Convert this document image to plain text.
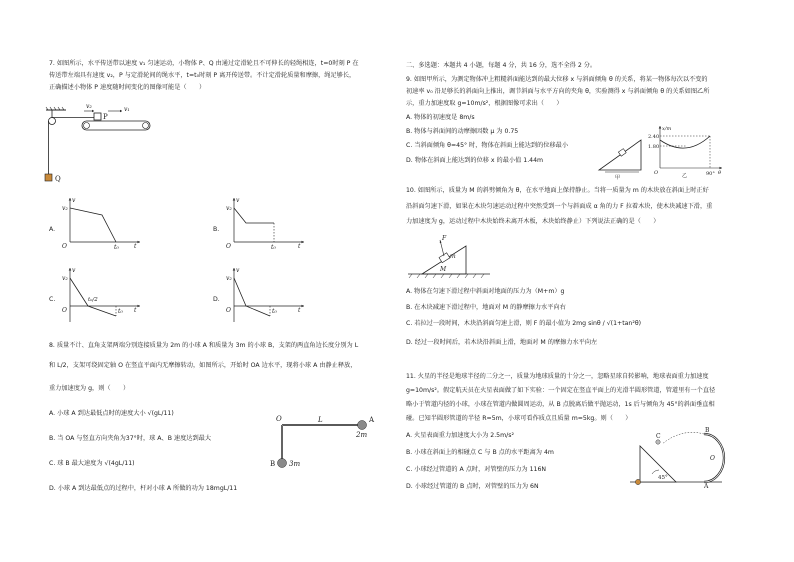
7. 如图所示，水平传送带以速度 v₁ 匀速运动，小物体 P、Q 由通过定滑轮且不可伸长的轻绳相连，t=0时刻 P 在
传送带左端具有速度 v₂，P 与定滑轮间的绳水平，t=t₀时刻 P 离开传送带。不计定滑轮质量和摩擦，绳足够长，
正确描述小物体 P 速度随时间变化的图像可能是（　　）
v₂
P
v₁
Q
A.
v
v₂
O	t₀	t
B.
v
v₂
O	t₀	t
C.
v
v₂
O
t₀/2
t₀ t
D.
v
v₂
O	t₀	t
8. 质量不计、直角支架两端分别连接质量为 2m 的小球 A 和质量为 3m 的小球 B，支架的两直角边长度分别为 L
和 L/2，支架可绕固定轴 O 在竖直平面内无摩擦转动，如图所示，开始时 OA 边水平，现将小球 A 由静止释放，
重力加速度为 g，则（　　）
A. 小球 A 到达最低点时的速度大小 √(gL/11)
B. 当 OA 与竖直方向夹角为37°时，球 A、B 速度达到最大
C. 球 B 最大速度为 √(4gL/11)
D. 小球 A 到达最低点的过程中，杆对小球 A 所做的功为 18mgL/11
O	L	A
2m
B 3m
二、多选题：本题共 4 小题，每题 4 分，共 16 分，选不全得 2 分。
9. 如图甲所示，为测定物体冲上粗糙斜面能达到的最大位移 x 与斜面倾角 θ 的关系，将某一物体每次以不变的
初速率 v₀ 沿足够长的斜面向上推出，调节斜面与水平方向的夹角 θ，实验测得 x 与斜面倾角 θ 的关系如图乙所
示，重力加速度取 g=10m/s²，根据图像可求出（　　）
A. 物体的初速度是 8m/s
B. 物体与斜面间的动摩擦因数 μ 为 0.75
C. 当斜面倾角 θ=45° 时，物体在斜面上能达到的位移最小
D. 物体在斜面上能达到的位移 x 的最小值 1.44m
甲
x/m
2.40
1.80
O	90° θ
乙
10. 如图所示，质量为 M 的斜劈倾角为 θ，在水平地面上保持静止。当将一质量为 m 的木块放在斜面上时正好
沿斜面匀速下滑，如果在木块匀速运动过程中突然受到一个与斜面成 α 角的力 F 拉着木块，使木块减速下滑，重
力加速度为 g，运动过程中木块始终未离开木板，木块始终静止）下列说法正确的是（　　）
F
m
M
A. 物体在匀速下滑过程中斜面对地面的压力为（M+m）g
B. 在木块减速下滑过程中，地面对 M 的静摩擦力水平向右
C. 若拉过一段时间，木块沿斜面匀速上滑，则 F 的最小值为 2mg sinθ / √(1+tan²θ)
D. 经过一段时间后，若木块沿斜面上滑，地面对 M 的摩擦力水平向左
11. 火星的半径是地球半径的二分之一，质量为地球质量的十分之一，忽略星球自转影响，地球表面重力加速度
g=10m/s²。假定航天员在火星表面做了如下实验：一个固定在竖直平面上的光滑半圆形管道，管道里有一个直径
略小于管道内径的小球，小球在管道内做圆周运动，从 B 点脱离后做平抛运动，1s 后与倾角为 45°的斜面垂直相
碰。已知半圆形管道的半径 R=5m，小球可看作质点且质量 m=5kg。则（　　）
A. 火星表面重力加速度大小为 2.5m/s²
B. 小球在斜面上的相碰点 C 与 B 点的水平距离为 4m
C. 小球经过管道的 A 点时，对管壁的压力为 116N
D. 小球经过管道的 B 点时，对管壁的压力为 6N
B
C
O
A
45°
